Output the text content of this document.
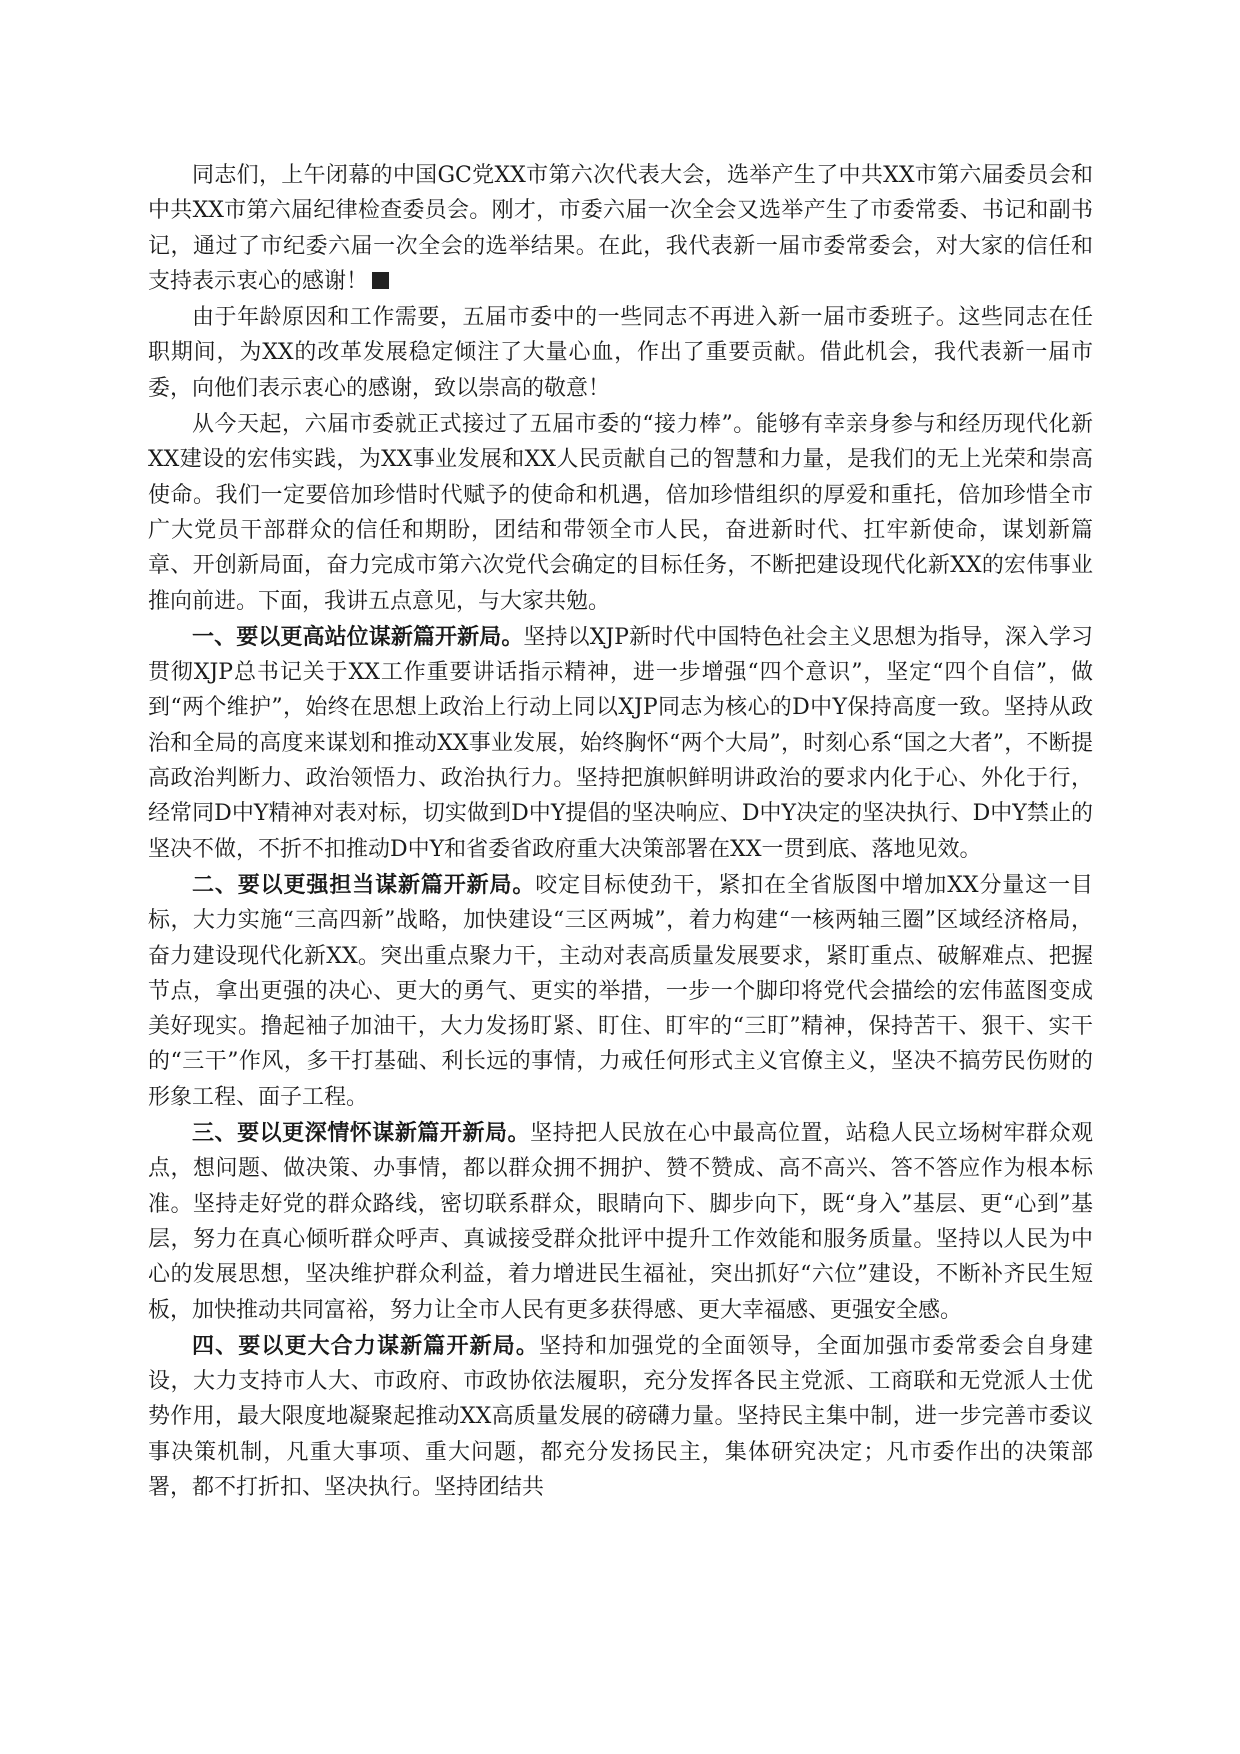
同志们，上午闭幕的中国GC党XX市第六次代表大会，选举产生了中共XX市第六届委员会和中共XX市第六届纪律检查委员会。刚才，市委六届一次全会又选举产生了市委常委、书记和副书记，通过了市纪委六届一次全会的选举结果。在此，我代表新一届市委常委会，对大家的信任和支持表示衷心的感谢！

由于年龄原因和工作需要，五届市委中的一些同志不再进入新一届市委班子。这些同志在任职期间，为XX的改革发展稳定倾注了大量心血，作出了重要贡献。借此机会，我代表新一届市委，向他们表示衷心的感谢，致以崇高的敬意！

从今天起，六届市委就正式接过了五届市委的“接力棒”。能够有幸亲身参与和经历现代化新XX建设的宏伟实践，为XX事业发展和XX人民贡献自己的智慧和力量，是我们的无上光荣和崇高使命。我们一定要倍加珍惜时代赋予的使命和机遇，倍加珍惜组织的厚爱和重托，倍加珍惜全市广大党员干部群众的信任和期盼，团结和带领全市人民，奋进新时代、扛牢新使命，谋划新篇章、开创新局面，奋力完成市第六次党代会确定的目标任务，不断把建设现代化新XX的宏伟事业推向前进。下面，我讲五点意见，与大家共勉。

一、要以更高站位谋新篇开新局。坚持以XJP新时代中国特色社会主义思想为指导，深入学习贯彻XJP总书记关于XX工作重要讲话指示精神，进一步增强“四个意识”，坚定“四个自信”，做到“两个维护”，始终在思想上政治上行动上同以XJP同志为核心的D中Y保持高度一致。坚持从政治和全局的高度来谋划和推动XX事业发展，始终胸怀“两个大局”，时刻心系“国之大者”，不断提高政治判断力、政治领悟力、政治执行力。坚持把旗帜鲜明讲政治的要求内化于心、外化于行，经常同D中Y精神对表对标，切实做到D中Y提倡的坚决响应、D中Y决定的坚决执行、D中Y禁止的坚决不做，不折不扣推动D中Y和省委省政府重大决策部署在XX一贯到底、落地见效。

二、要以更强担当谋新篇开新局。咬定目标使劲干，紧扣在全省版图中增加XX分量这一目标，大力实施“三高四新”战略，加快建设“三区两城”，着力构建“一核两轴三圈”区域经济格局，奋力建设现代化新XX。突出重点聚力干，主动对表高质量发展要求，紧盯重点、破解难点、把握节点，拿出更强的决心、更大的勇气、更实的举措，一步一个脚印将党代会描绘的宏伟蓝图变成美好现实。撸起袖子加油干，大力发扬盯紧、盯住、盯牢的“三盯”精神，保持苦干、狠干、实干的“三干”作风，多干打基础、利长远的事情，力戒任何形式主义官僚主义，坚决不搞劳民伤财的形象工程、面子工程。

三、要以更深情怀谋新篇开新局。坚持把人民放在心中最高位置，站稳人民立场树牢群众观点，想问题、做决策、办事情，都以群众拥不拥护、赞不赞成、高不高兴、答不答应作为根本标准。坚持走好党的群众路线，密切联系群众，眼睛向下、脚步向下，既“身入”基层、更“心到”基层，努力在真心倾听群众呼声、真诚接受群众批评中提升工作效能和服务质量。坚持以人民为中心的发展思想，坚决维护群众利益，着力增进民生福祉，突出抓好“六位”建设，不断补齐民生短板，加快推动共同富裕，努力让全市人民有更多获得感、更大幸福感、更强安全感。

四、要以更大合力谋新篇开新局。坚持和加强党的全面领导，全面加强市委常委会自身建设，大力支持市人大、市政府、市政协依法履职，充分发挥各民主党派、工商联和无党派人士优势作用，最大限度地凝聚起推动XX高质量发展的磅礴力量。坚持民主集中制，进一步完善市委议事决策机制，凡重大事项、重大问题，都充分发扬民主，集体研究决定；凡市委作出的决策部署，都不打折扣、坚决执行。坚持团结共
